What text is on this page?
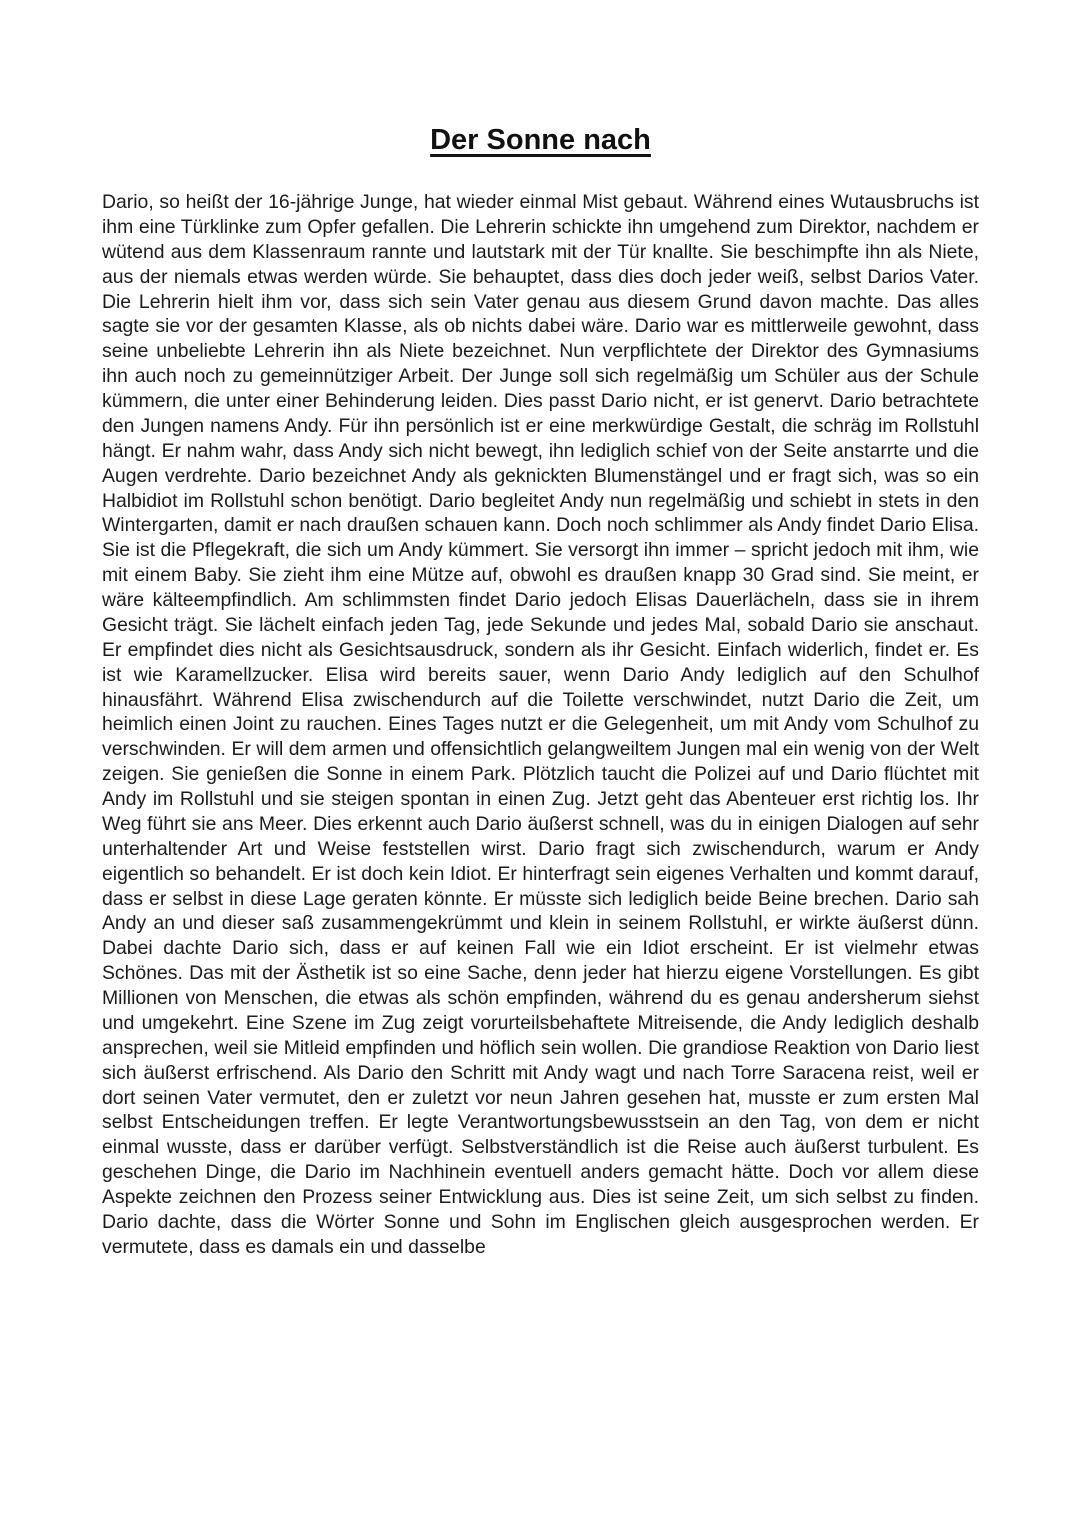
Der Sonne nach

Dario, so heißt der 16-jährige Junge, hat wieder einmal Mist gebaut. Während eines Wutausbruchs ist ihm eine Türklinke zum Opfer gefallen. Die Lehrerin schickte ihn umgehend zum Direktor, nachdem er wütend aus dem Klassenraum rannte und lautstark mit der Tür knallte. Sie beschimpfte ihn als Niete, aus der niemals etwas werden würde. Sie behauptet, dass dies doch jeder weiß, selbst Darios Vater. Die Lehrerin hielt ihm vor, dass sich sein Vater genau aus diesem Grund davon machte. Das alles sagte sie vor der gesamten Klasse, als ob nichts dabei wäre. Dario war es mittlerweile gewohnt, dass seine unbeliebte Lehrerin ihn als Niete bezeichnet. Nun verpflichtete der Direktor des Gymnasiums ihn auch noch zu gemeinnütziger Arbeit. Der Junge soll sich regelmäßig um Schüler aus der Schule kümmern, die unter einer Behinderung leiden. Dies passt Dario nicht, er ist genervt. Dario betrachtete den Jungen namens Andy. Für ihn persönlich ist er eine merkwürdige Gestalt, die schräg im Rollstuhl hängt. Er nahm wahr, dass Andy sich nicht bewegt, ihn lediglich schief von der Seite anstarrte und die Augen verdrehte. Dario bezeichnet Andy als geknickten Blumenstängel und er fragt sich, was so ein Halbidiot im Rollstuhl schon benötigt. Dario begleitet Andy nun regelmäßig und schiebt in stets in den Wintergarten, damit er nach draußen schauen kann. Doch noch schlimmer als Andy findet Dario Elisa. Sie ist die Pflegekraft, die sich um Andy kümmert. Sie versorgt ihn immer – spricht jedoch mit ihm, wie mit einem Baby. Sie zieht ihm eine Mütze auf, obwohl es draußen knapp 30 Grad sind. Sie meint, er wäre kälteempfindlich. Am schlimmsten findet Dario jedoch Elisas Dauerlächeln, dass sie in ihrem Gesicht trägt. Sie lächelt einfach jeden Tag, jede Sekunde und jedes Mal, sobald Dario sie anschaut. Er empfindet dies nicht als Gesichtsausdruck, sondern als ihr Gesicht. Einfach widerlich, findet er. Es ist wie Karamellzucker. Elisa wird bereits sauer, wenn Dario Andy lediglich auf den Schulhof hinausfährt. Während Elisa zwischendurch auf die Toilette verschwindet, nutzt Dario die Zeit, um heimlich einen Joint zu rauchen. Eines Tages nutzt er die Gelegenheit, um mit Andy vom Schulhof zu verschwinden. Er will dem armen und offensichtlich gelangweiltem Jungen mal ein wenig von der Welt zeigen. Sie genießen die Sonne in einem Park. Plötzlich taucht die Polizei auf und Dario flüchtet mit Andy im Rollstuhl und sie steigen spontan in einen Zug. Jetzt geht das Abenteuer erst richtig los. Ihr Weg führt sie ans Meer. Dies erkennt auch Dario äußerst schnell, was du in einigen Dialogen auf sehr unterhaltender Art und Weise feststellen wirst. Dario fragt sich zwischendurch, warum er Andy eigentlich so behandelt. Er ist doch kein Idiot. Er hinterfragt sein eigenes Verhalten und kommt darauf, dass er selbst in diese Lage geraten könnte. Er müsste sich lediglich beide Beine brechen. Dario sah Andy an und dieser saß zusammengekrümmt und klein in seinem Rollstuhl, er wirkte äußerst dünn. Dabei dachte Dario sich, dass er auf keinen Fall wie ein Idiot erscheint. Er ist vielmehr etwas Schönes. Das mit der Ästhetik ist so eine Sache, denn jeder hat hierzu eigene Vorstellungen. Es gibt Millionen von Menschen, die etwas als schön empfinden, während du es genau andersherum siehst und umgekehrt. Eine Szene im Zug zeigt vorurteilsbehaftete Mitreisende, die Andy lediglich deshalb ansprechen, weil sie Mitleid empfinden und höflich sein wollen. Die grandiose Reaktion von Dario liest sich äußerst erfrischend. Als Dario den Schritt mit Andy wagt und nach Torre Saracena reist, weil er dort seinen Vater vermutet, den er zuletzt vor neun Jahren gesehen hat, musste er zum ersten Mal selbst Entscheidungen treffen. Er legte Verantwortungsbewusstsein an den Tag, von dem er nicht einmal wusste, dass er darüber verfügt. Selbstverständlich ist die Reise auch äußerst turbulent. Es geschehen Dinge, die Dario im Nachhinein eventuell anders gemacht hätte. Doch vor allem diese Aspekte zeichnen den Prozess seiner Entwicklung aus. Dies ist seine Zeit, um sich selbst zu finden. Dario dachte, dass die Wörter Sonne und Sohn im Englischen gleich ausgesprochen werden. Er vermutete, dass es damals ein und dasselbe
